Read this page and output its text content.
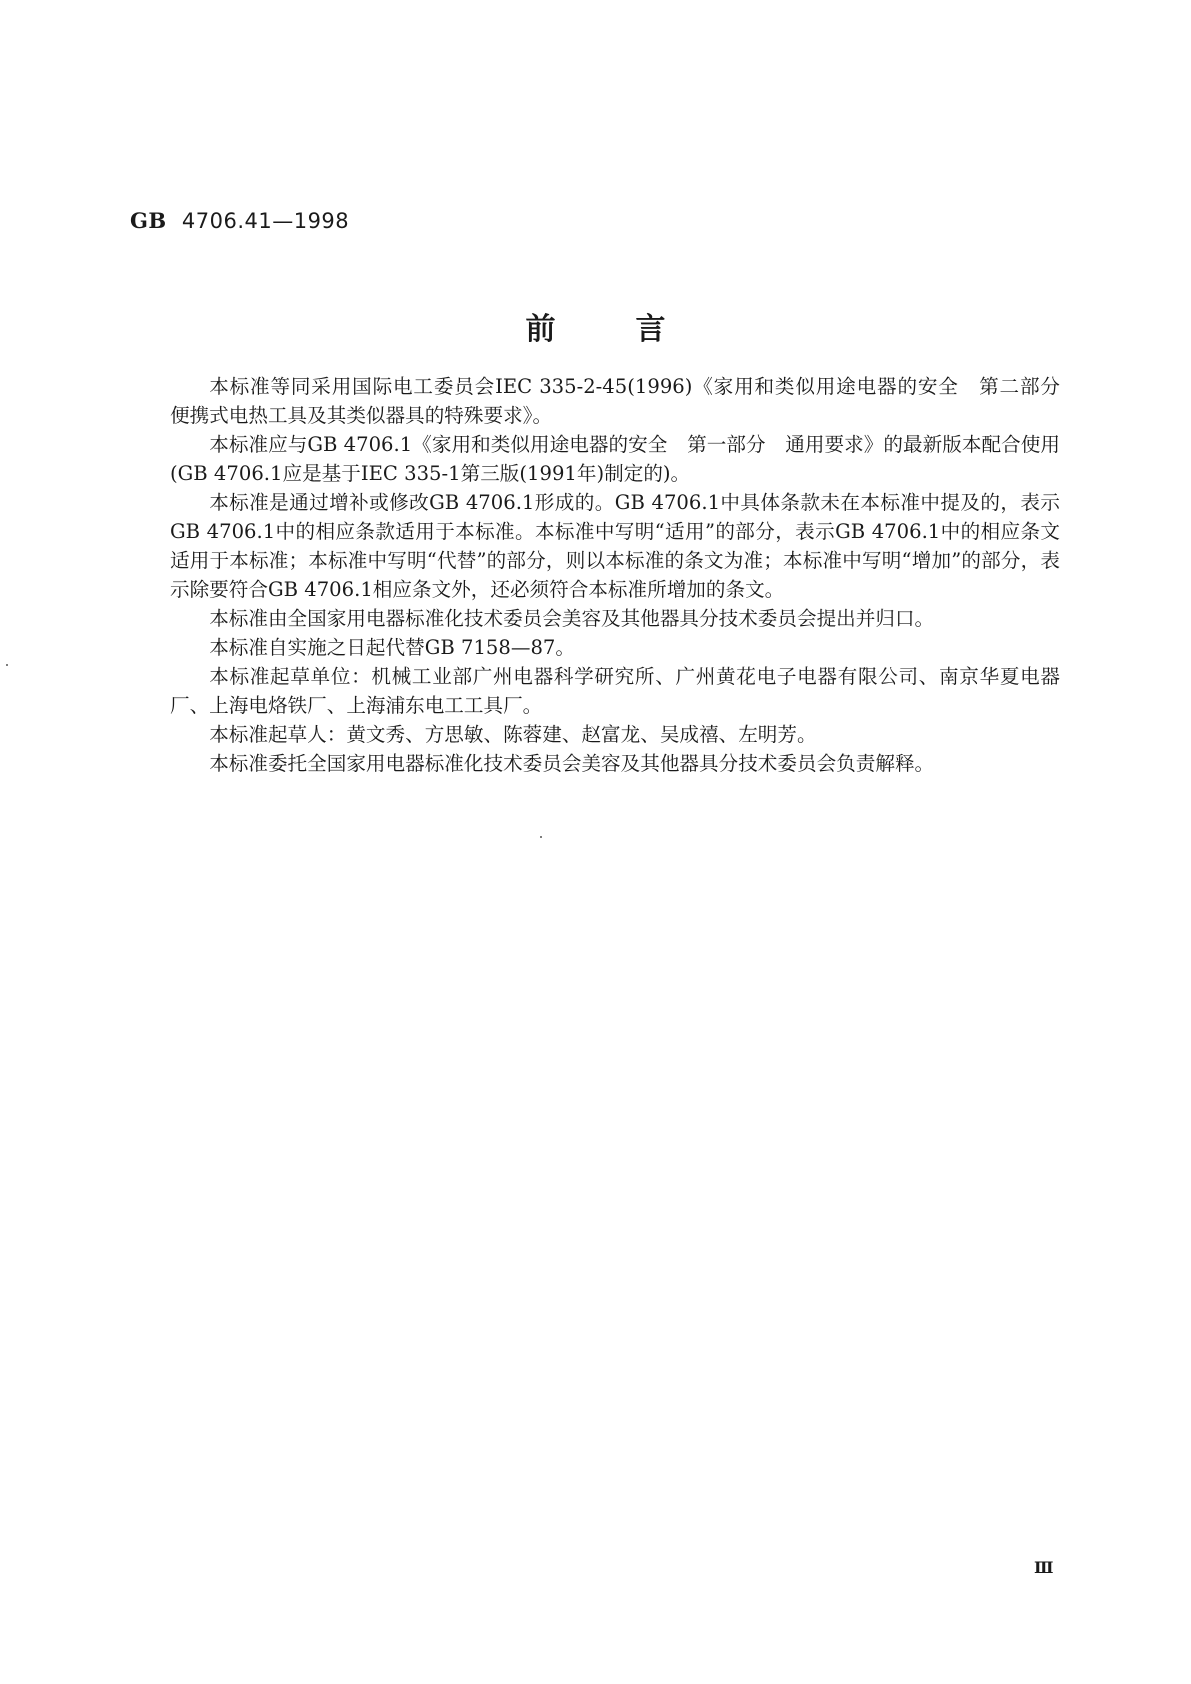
GB 4706.41—1998
前言

本标准等同采用国际电工委员会IEC 335-2-45(1996)《家用和类似用途电器的安全　第二部分　便携式电热工具及其类似器具的特殊要求》。

本标准应与GB 4706.1《家用和类似用途电器的安全　第一部分　通用要求》的最新版本配合使用(GB 4706.1应是基于IEC 335-1第三版(1991年)制定的)。

本标准是通过增补或修改GB 4706.1形成的。GB 4706.1中具体条款未在本标准中提及的，表示GB 4706.1中的相应条款适用于本标准。本标准中写明“适用”的部分，表示GB 4706.1中的相应条文适用于本标准；本标准中写明“代替”的部分，则以本标准的条文为准；本标准中写明“增加”的部分，表示除要符合GB 4706.1相应条文外，还必须符合本标准所增加的条文。

本标准由全国家用电器标准化技术委员会美容及其他器具分技术委员会提出并归口。

本标准自实施之日起代替GB 7158—87。

本标准起草单位：机械工业部广州电器科学研究所、广州黄花电子电器有限公司、南京华夏电器厂、上海电烙铁厂、上海浦东电工工具厂。

本标准起草人：黄文秀、方思敏、陈蓉建、赵富龙、吴成禧、左明芳。

本标准委托全国家用电器标准化技术委员会美容及其他器具分技术委员会负责解释。

Ⅲ
